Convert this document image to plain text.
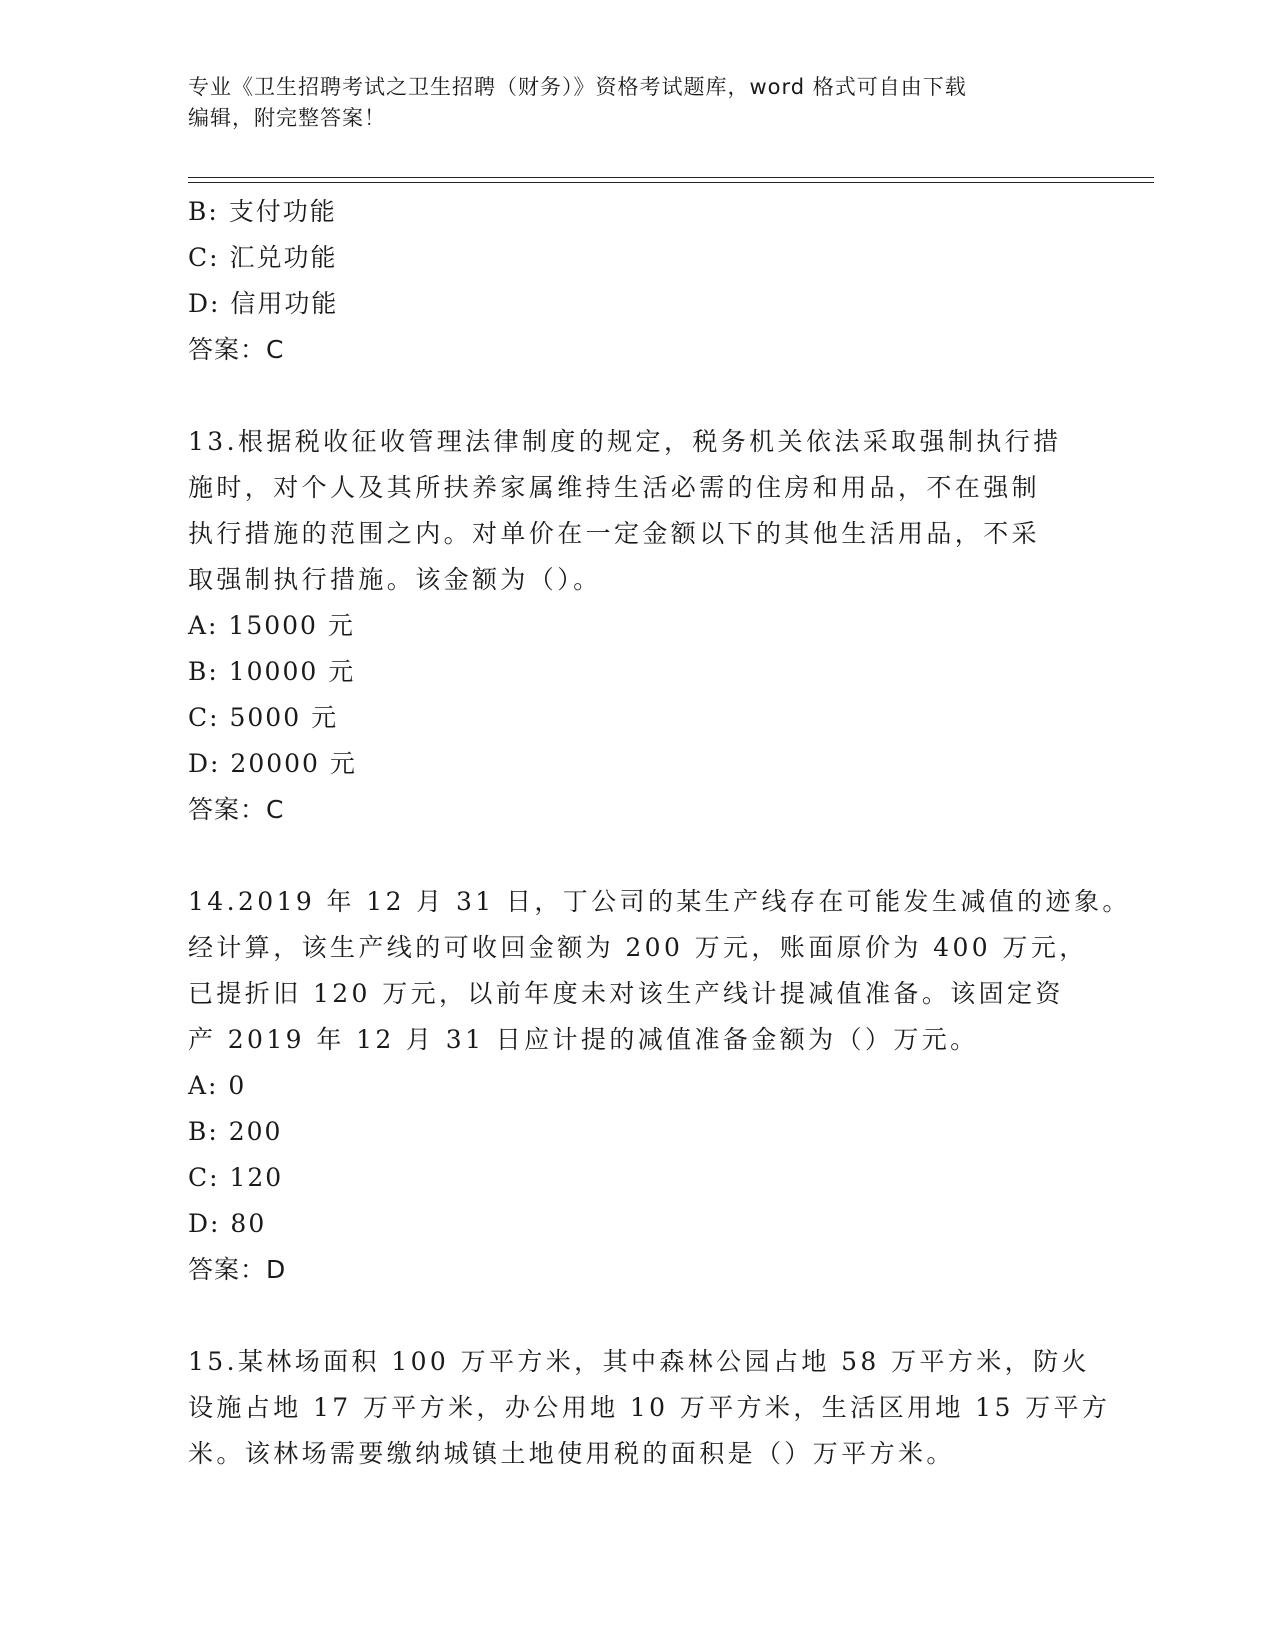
专业《卫生招聘考试之卫生招聘（财务）》资格考试题库，word 格式可自由下载
编辑，附完整答案！
B: 支付功能
C: 汇兑功能
D: 信用功能
答案：C
13.根据税收征收管理法律制度的规定，税务机关依法采取强制执行措
施时，对个人及其所扶养家属维持生活必需的住房和用品，不在强制
执行措施的范围之内。对单价在一定金额以下的其他生活用品，不采
取强制执行措施。该金额为（）。
A: 15000 元
B: 10000 元
C: 5000 元
D: 20000 元
答案：C
14.2019 年 12 月 31 日，丁公司的某生产线存在可能发生减值的迹象。
经计算，该生产线的可收回金额为 200 万元，账面原价为 400 万元，
已提折旧 120 万元，以前年度未对该生产线计提减值准备。该固定资
产 2019 年 12 月 31 日应计提的减值准备金额为（）万元。
A: 0
B: 200
C: 120
D: 80
答案：D
15.某林场面积 100 万平方米，其中森林公园占地 58 万平方米，防火
设施占地 17 万平方米，办公用地 10 万平方米，生活区用地 15 万平方
米。该林场需要缴纳城镇土地使用税的面积是（）万平方米。
